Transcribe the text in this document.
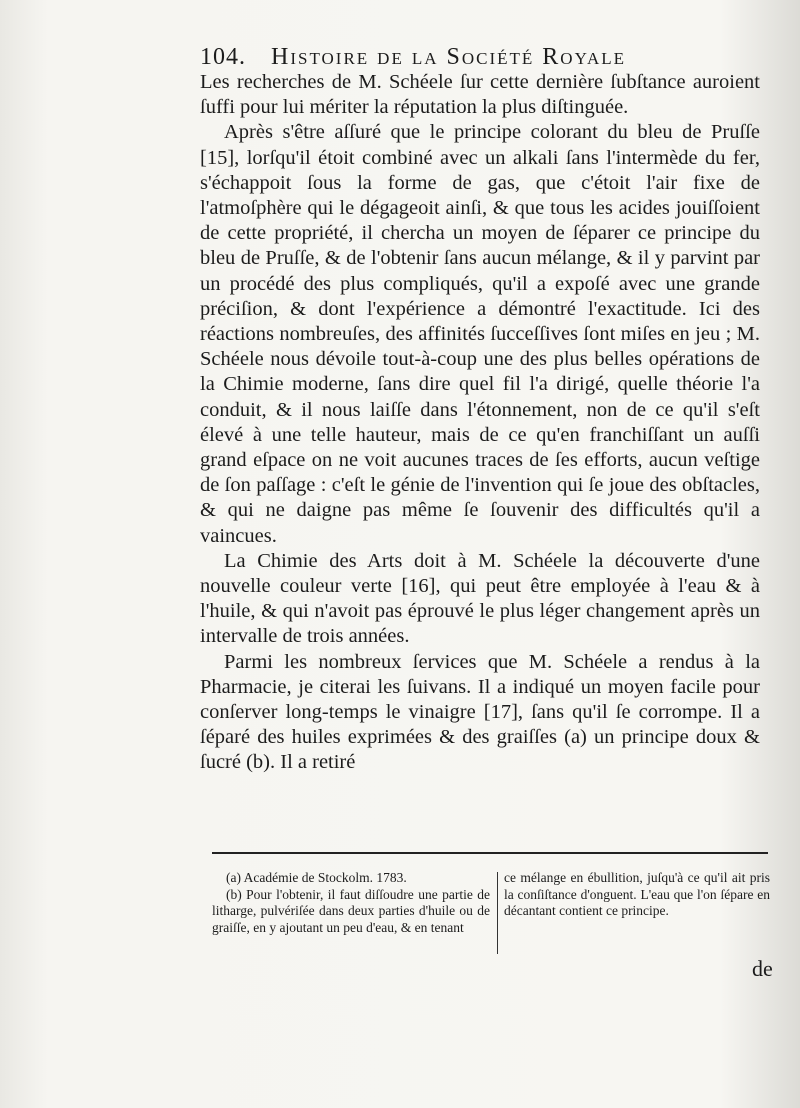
104. Histoire de la Société Royale

Les recherches de M. Schéele ſur cette dernière ſubſtance auroient ſuffi pour lui mériter la réputation la plus diſtinguée.

Après s'être aſſuré que le principe colorant du bleu de Pruſſe [15], lorſqu'il étoit combiné avec un alkali ſans l'intermède du fer, s'échappoit ſous la forme de gas, que c'étoit l'air fixe de l'atmoſphère qui le dégageoit ainſi, & que tous les acides jouiſſoient de cette propriété, il chercha un moyen de ſéparer ce principe du bleu de Pruſſe, & de l'obtenir ſans aucun mélange, & il y parvint par un procédé des plus compliqués, qu'il a expoſé avec une grande préciſion, & dont l'expérience a démontré l'exactitude. Ici des réactions nombreuſes, des affinités ſucceſſives ſont miſes en jeu ; M. Schéele nous dévoile tout-à-coup une des plus belles opérations de la Chimie moderne, ſans dire quel fil l'a dirigé, quelle théorie l'a conduit, & il nous laiſſe dans l'étonnement, non de ce qu'il s'eſt élevé à une telle hauteur, mais de ce qu'en franchiſſant un auſſi grand eſpace on ne voit aucunes traces de ſes efforts, aucun veſtige de ſon paſſage : c'eſt le génie de l'invention qui ſe joue des obſtacles, & qui ne daigne pas même ſe ſouvenir des difficultés qu'il a vaincues.

La Chimie des Arts doit à M. Schéele la découverte d'une nouvelle couleur verte [16], qui peut être employée à l'eau & à l'huile, & qui n'avoit pas éprouvé le plus léger changement après un intervalle de trois années.

Parmi les nombreux ſervices que M. Schéele a rendus à la Pharmacie, je citerai les ſuivans. Il a indiqué un moyen facile pour conſerver long-temps le vinaigre [17], ſans qu'il ſe corrompe. Il a ſéparé des huiles exprimées & des graiſſes (a) un principe doux & ſucré (b). Il a retiré

(a) Académie de Stockolm. 1783.

(b) Pour l'obtenir, il faut diſſoudre une partie de litharge, pulvériſée dans deux parties d'huile ou de graiſſe, en y ajoutant un peu d'eau, & en tenant

ce mélange en ébullition, juſqu'à ce qu'il ait pris la conſiſtance d'onguent. L'eau que l'on ſépare en décantant contient ce principe.

de
